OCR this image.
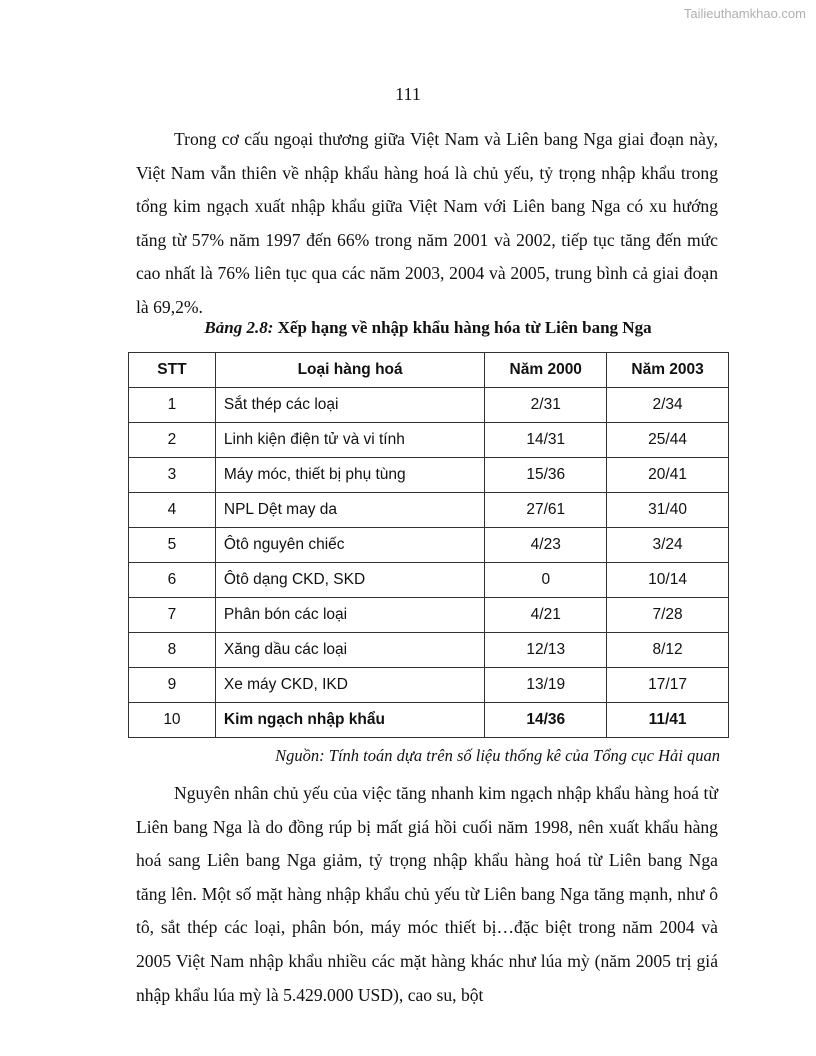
Tailieuthamkhao.com
111
Trong cơ cấu ngoại thương giữa Việt Nam và Liên bang Nga giai đoạn này, Việt Nam vẫn thiên về nhập khẩu hàng hoá là chủ yếu, tỷ trọng nhập khẩu trong tổng kim ngạch xuất nhập khẩu giữa Việt Nam với Liên bang Nga có xu hướng tăng từ 57% năm 1997 đến 66% trong năm 2001 và 2002, tiếp tục tăng đến mức cao nhất là 76% liên tục qua các năm 2003, 2004 và 2005, trung bình cả giai đoạn là 69,2%.
Bảng 2.8: Xếp hạng về nhập khẩu hàng hóa từ Liên bang Nga
STT	Loại hàng hoá	Năm 2000	Năm 2003
1	Sắt thép các loại	2/31	2/34
2	Linh kiện điện tử và vi tính	14/31	25/44
3	Máy móc, thiết bị phụ tùng	15/36	20/41
4	NPL Dệt may da	27/61	31/40
5	Ôtô nguyên chiếc	4/23	3/24
6	Ôtô dạng CKD, SKD	0	10/14
7	Phân bón các loại	4/21	7/28
8	Xăng dầu các loại	12/13	8/12
9	Xe máy CKD, IKD	13/19	17/17
10	Kim ngạch nhập khẩu	14/36	11/41
Nguồn: Tính toán dựa trên số liệu thống kê của Tổng cục Hải quan
Nguyên nhân chủ yếu của việc tăng nhanh kim ngạch nhập khẩu hàng hoá từ Liên bang Nga là do đồng rúp bị mất giá hồi cuối năm 1998, nên xuất khẩu hàng hoá sang Liên bang Nga giảm, tỷ trọng nhập khẩu hàng hoá từ Liên bang Nga tăng lên. Một số mặt hàng nhập khẩu chủ yếu từ Liên bang Nga tăng mạnh, như ô tô, sắt thép các loại, phân bón, máy móc thiết bị…đặc biệt trong năm 2004 và 2005 Việt Nam nhập khẩu nhiều các mặt hàng khác như lúa mỳ (năm 2005 trị giá nhập khẩu lúa mỳ là 5.429.000 USD), cao su, bột
